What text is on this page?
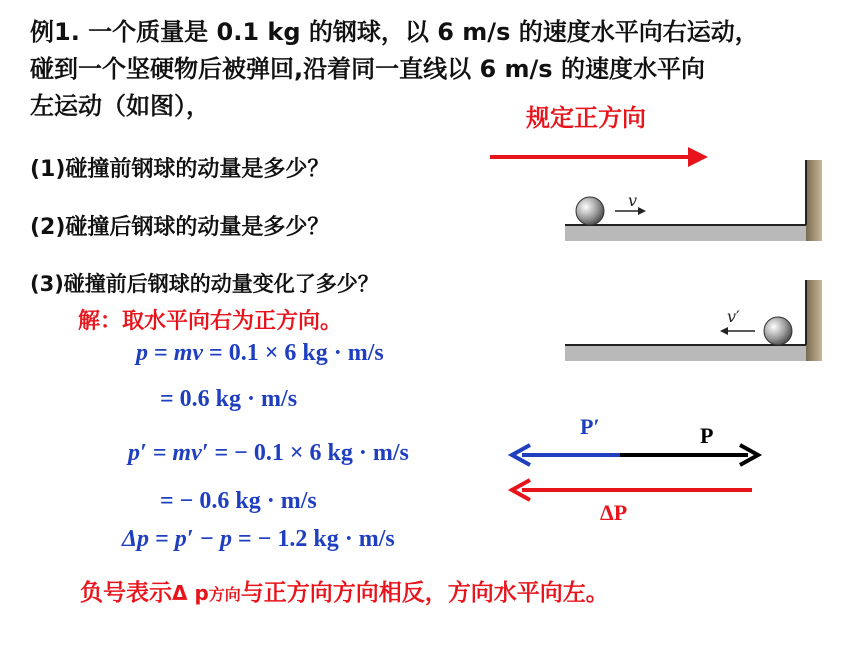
例1. 一个质量是 0.1 kg 的钢球，以 6 m/s 的速度水平向右运动，
碰到一个坚硬物后被弹回,沿着同一直线以 6 m/s 的速度水平向
左运动（如图），
(1)碰撞前钢球的动量是多少？
(2)碰撞后钢球的动量是多少？
(3)碰撞前后钢球的动量变化了多少？
解：取水平向右为正方向。
p = mv = 0.1 × 6 kg · m/s
= 0.6 kg · m/s
p′ = mv′ = − 0.1 × 6 kg · m/s
= − 0.6 kg · m/s
Δp = p′ − p = − 1.2 kg · m/s
负号表示Δ p方向与正方向方向相反，方向水平向左。
规定正方向
v
v′
P′	P
ΔP
